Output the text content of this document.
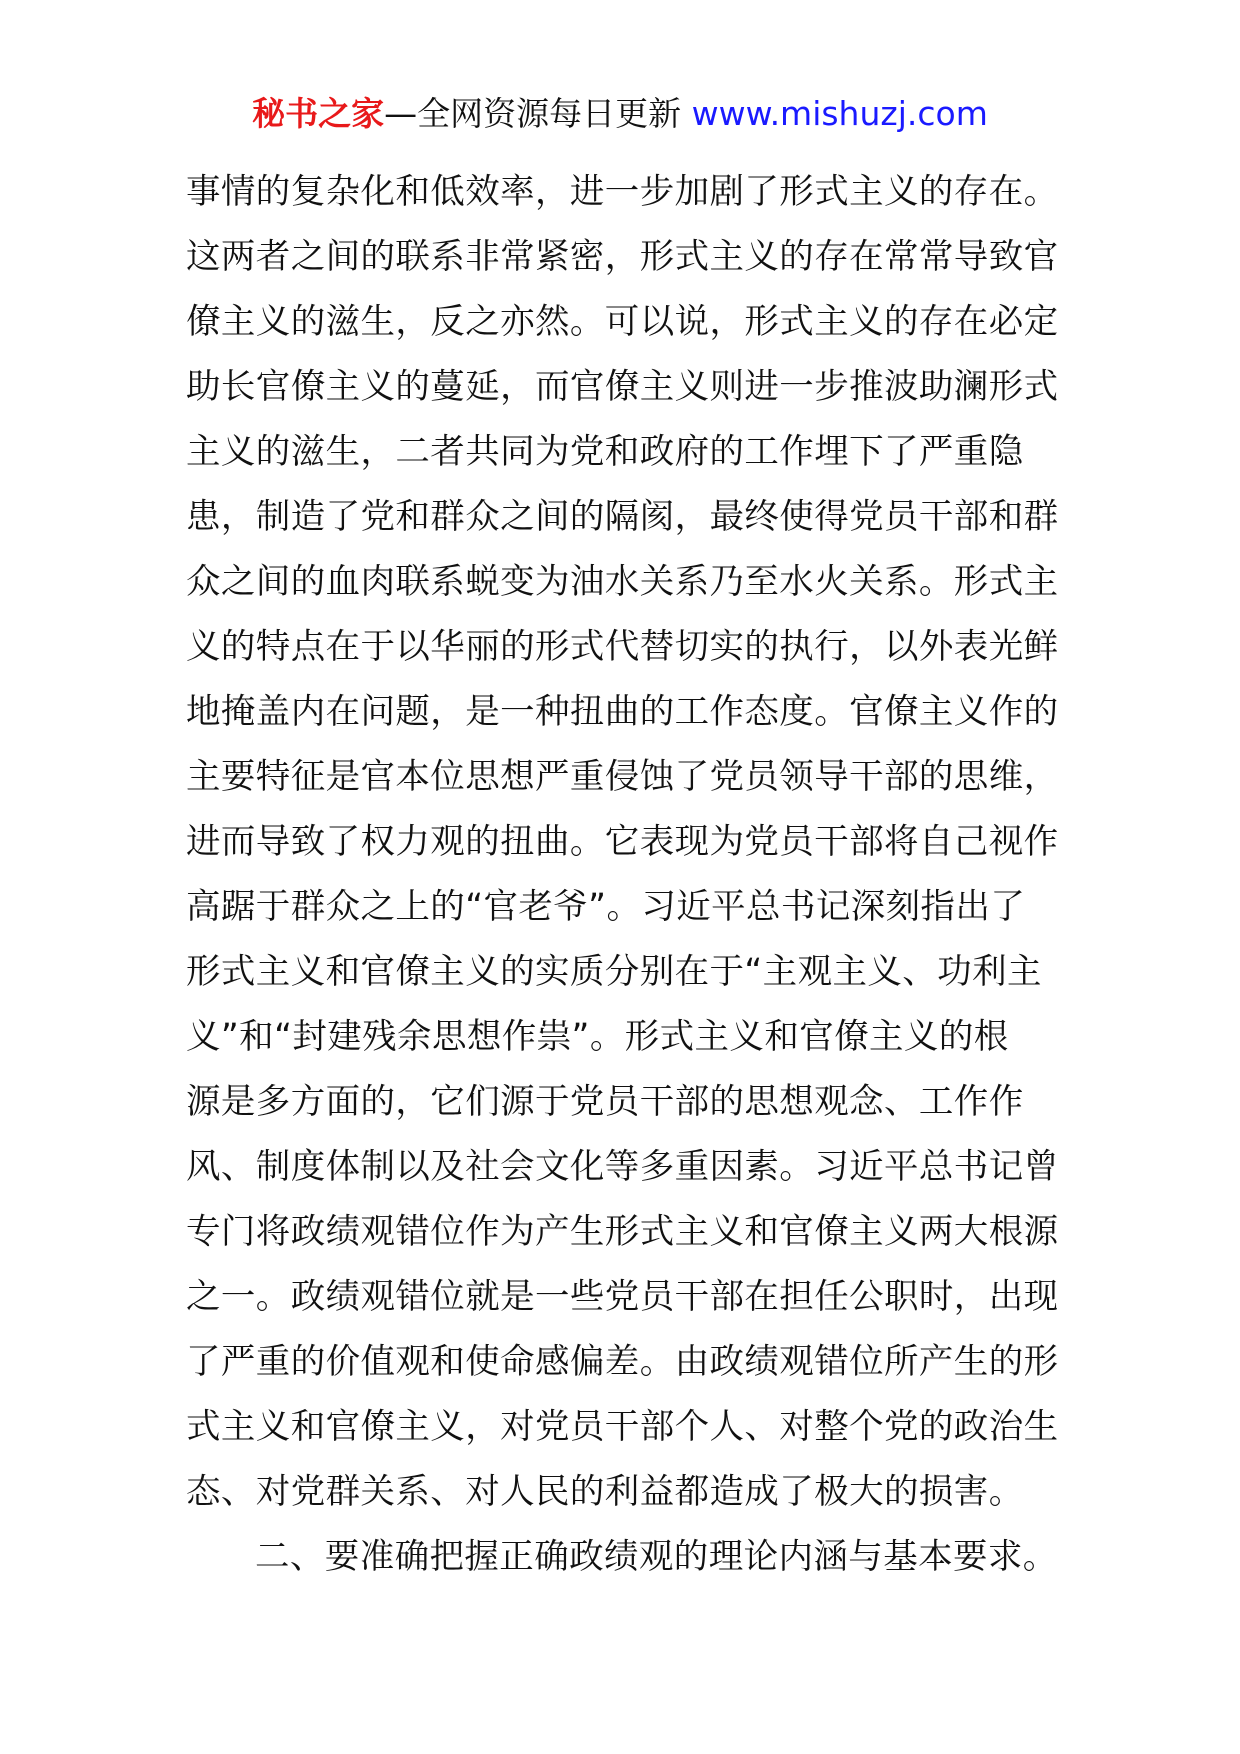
秘书之家—全网资源每日更新 www.mishuzj.com
事情的复杂化和低效率，进一步加剧了形式主义的存在。
这两者之间的联系非常紧密，形式主义的存在常常导致官
僚主义的滋生，反之亦然。可以说，形式主义的存在必定
助长官僚主义的蔓延，而官僚主义则进一步推波助澜形式
主义的滋生，二者共同为党和政府的工作埋下了严重隐
患，制造了党和群众之间的隔阂，最终使得党员干部和群
众之间的血肉联系蜕变为油水关系乃至水火关系。形式主
义的特点在于以华丽的形式代替切实的执行，以外表光鲜
地掩盖内在问题，是一种扭曲的工作态度。官僚主义作的
主要特征是官本位思想严重侵蚀了党员领导干部的思维，
进而导致了权力观的扭曲。它表现为党员干部将自己视作
高踞于群众之上的“官老爷”。习近平总书记深刻指出了
形式主义和官僚主义的实质分别在于“主观主义、功利主
义”和“封建残余思想作祟”。形式主义和官僚主义的根
源是多方面的，它们源于党员干部的思想观念、工作作
风、制度体制以及社会文化等多重因素。习近平总书记曾
专门将政绩观错位作为产生形式主义和官僚主义两大根源
之一。政绩观错位就是一些党员干部在担任公职时，出现
了严重的价值观和使命感偏差。由政绩观错位所产生的形
式主义和官僚主义，对党员干部个人、对整个党的政治生
态、对党群关系、对人民的利益都造成了极大的损害。
二、要准确把握正确政绩观的理论内涵与基本要求。
